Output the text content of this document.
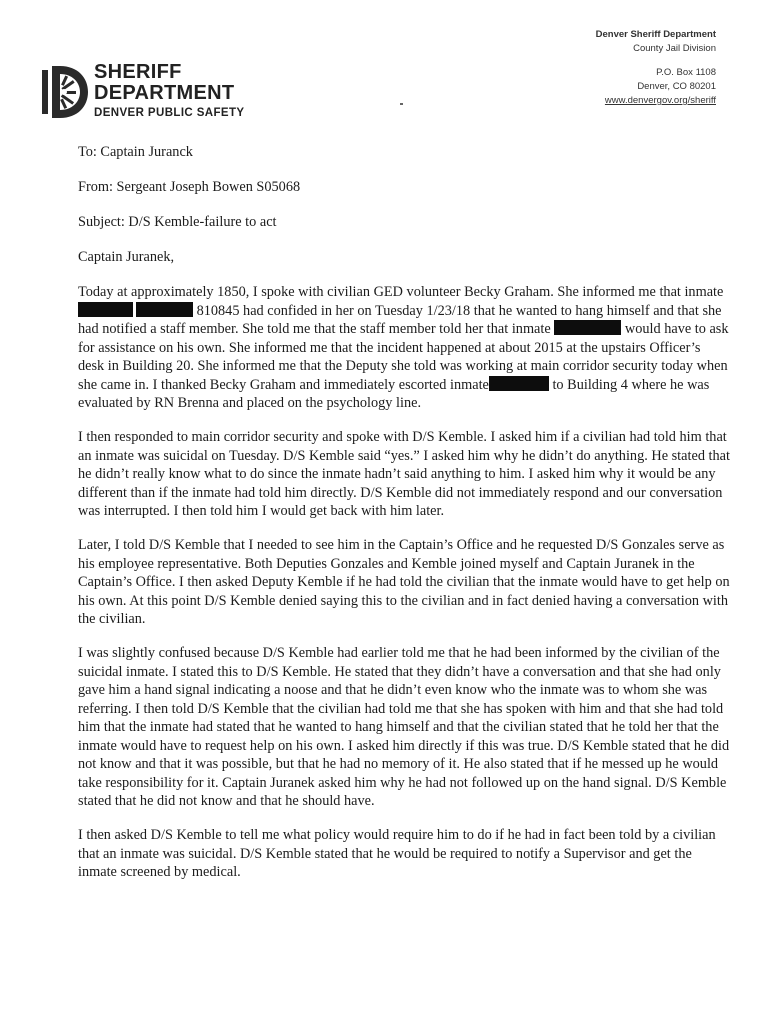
SHERIFF
DEPARTMENT
DENVER PUBLIC SAFETY
Denver Sheriff Department
County Jail Division
P.O. Box 1108
Denver, CO 80201
www.denvergov.org/sheriff

To: Captain Juranck

From: Sergeant Joseph Bowen S05068

Subject: D/S Kemble-failure to act

Captain Juranek,

Today at approximately 1850, I spoke with civilian GED volunteer Becky Graham. She informed me that inmate 810845 had confided in her on Tuesday 1/23/18 that he wanted to hang himself and that she had notified a staff member. She told me that the staff member told her that inmate	would have to ask for assistance on his own. She informed me that the incident happened at about 2015 at the upstairs Officer’s desk in Building 20. She informed me that the Deputy she told was working at main corridor security today when she came in. I thanked Becky Graham and immediately escorted inmate	to Building 4 where he was evaluated by RN Brenna and placed on the psychology line.

I then responded to main corridor security and spoke with D/S Kemble. I asked him if a civilian had told him that an inmate was suicidal on Tuesday. D/S Kemble said “yes.” I asked him why he didn’t do anything. He stated that he didn’t really know what to do since the inmate hadn’t said anything to him. I asked him why it would be any different than if the inmate had told him directly. D/S Kemble did not immediately respond and our conversation was interrupted. I then told him I would get back with him later.

Later, I told D/S Kemble that I needed to see him in the Captain’s Office and he requested D/S Gonzales serve as his employee representative. Both Deputies Gonzales and Kemble joined myself and Captain Juranek in the Captain’s Office. I then asked Deputy Kemble if he had told the civilian that the inmate would have to get help on his own. At this point D/S Kemble denied saying this to the civilian and in fact denied having a conversation with the civilian.

I was slightly confused because D/S Kemble had earlier told me that he had been informed by the civilian of the suicidal inmate. I stated this to D/S Kemble. He stated that they didn’t have a conversation and that she had only gave him a hand signal indicating a noose and that he didn’t even know who the inmate was to whom she was referring. I then told D/S Kemble that the civilian had told me that she has spoken with him and that she had told him that the inmate had stated that he wanted to hang himself and that the civilian stated that he told her that the inmate would have to request help on his own. I asked him directly if this was true. D/S Kemble stated that he did not know and that it was possible, but that he had no memory of it. He also stated that if he messed up he would take responsibility for it. Captain Juranek asked him why he had not followed up on the hand signal. D/S Kemble stated that he did not know and that he should have.

I then asked D/S Kemble to tell me what policy would require him to do if he had in fact been told by a civilian that an inmate was suicidal. D/S Kemble stated that he would be required to notify a Supervisor and get the inmate screened by medical.
